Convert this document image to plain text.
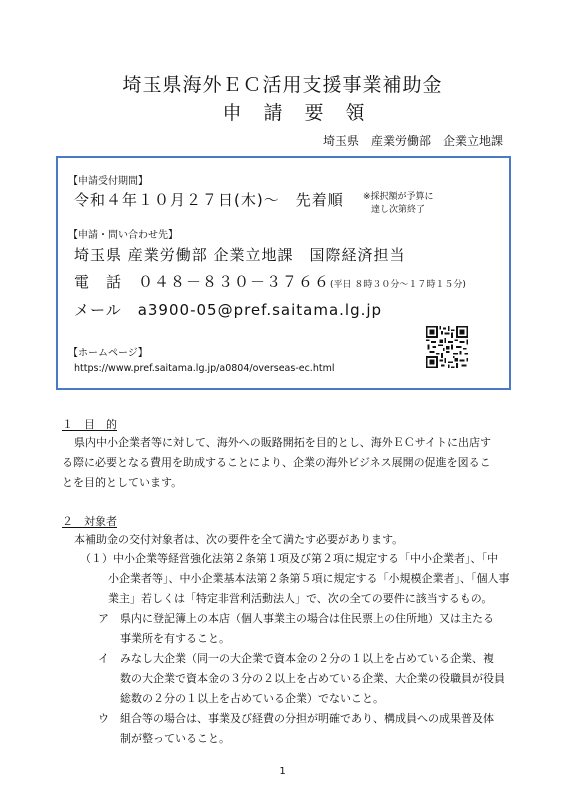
埼玉県海外ＥＣ活用支援事業補助金
申請要領
埼玉県　産業労働部　企業立地課
【申請受付期間】
令和４年１０月２７日(木)～　先着順 ※採択額が予算に
達し次第終了
【申請・問い合わせ先】
埼玉県 産業労働部 企業立地課　国際経済担当
電　話　０４８－８３０－３７６６(平日 ８時３０分～１７時１５分)
メール　a3900-05@pref.saitama.lg.jp
【ホームページ】
https://www.pref.saitama.lg.jp/a0804/overseas-ec.html
１　目　的
県内中小企業者等に対して、海外への販路開拓を目的とし、海外ＥＣサイトに出店す
る際に必要となる費用を助成することにより、企業の海外ビジネス展開の促進を図るこ
とを目的としています。
２　対象者
本補助金の交付対象者は、次の要件を全て満たす必要があります。
（１）中小企業等経営強化法第２条第１項及び第２項に規定する「中小企業者」、「中
小企業者等」、中小企業基本法第２条第５項に規定する「小規模企業者」、「個人事
業主」若しくは「特定非営利活動法人」で、次の全ての要件に該当するもの。
ア　県内に登記簿上の本店（個人事業主の場合は住民票上の住所地）又は主たる
事業所を有すること。
イ　みなし大企業（同一の大企業で資本金の２分の１以上を占めている企業、複
数の大企業で資本金の３分の２以上を占めている企業、大企業の役職員が役員
総数の２分の１以上を占めている企業）でないこと。
ウ　組合等の場合は、事業及び経費の分担が明確であり、構成員への成果普及体
制が整っていること。
1
